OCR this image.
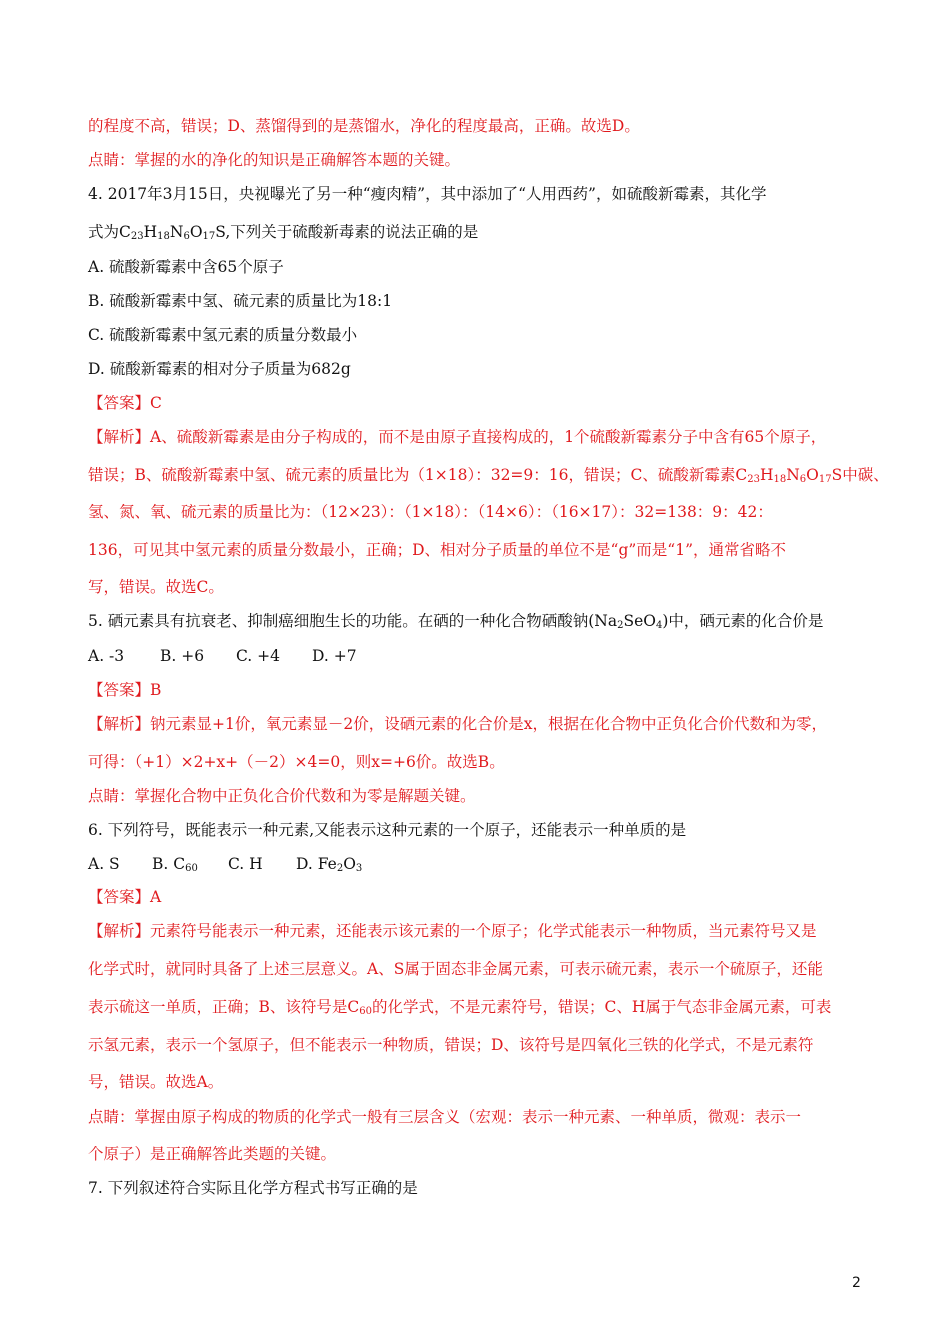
的程度不高，错误；D、蒸馏得到的是蒸馏水，净化的程度最高，正确。故选D。
点睛：掌握的水的净化的知识是正确解答本题的关键。
4. 2017年3月15日，央视曝光了另一种“瘦肉精”，其中添加了“人用西药”，如硫酸新霉素，其化学
式为$C_{23}H_{18}N_6O_{17}S$,下列关于硫酸新毒素的说法正确的是
A. 硫酸新霉素中含65个原子
B. 硫酸新霉素中氢、硫元素的质量比为18:1
C. 硫酸新霉素中氢元素的质量分数最小
D. 硫酸新霉素的相对分子质量为682g
【答案】C
【解析】A、硫酸新霉素是由分子构成的，而不是由原子直接构成的，1个硫酸新霉素分子中含有65个原子，
错误；B、硫酸新霉素中氢、硫元素的质量比为（1×18）：32=9：16，错误；C、硫酸新霉素$C_{23}H_{18}N_6O_{17}S$中碳、
氢、氮、氧、硫元素的质量比为：（12×23）：（1×18）：（14×6）：（16×17）：32=138：9：42：
136，可见其中氢元素的质量分数最小，正确；D、相对分子质量的单位不是“g”而是“1”，通常省略不
写，错误。故选C。
5. 硒元素具有抗衰老、抑制癌细胞生长的功能。在硒的一种化合物硒酸钠$(Na_2SeO_4)$中，硒元素的化合价是
A. -3 B. +6 C. +4 D. +7
【答案】B
【解析】钠元素显+1价，氧元素显－2价，设硒元素的化合价是x，根据在化合物中正负化合价代数和为零，
可得：（+1）×2+x+（－2）×4=0，则x=+6价。故选B。
点睛：掌握化合物中正负化合价代数和为零是解题关键。
6. 下列符号，既能表示一种元素,又能表示这种元素的一个原子，还能表示一种单质的是
A. S B. $C_{60}$ C. H D. $Fe_2O_3$
【答案】A
【解析】元素符号能表示一种元素，还能表示该元素的一个原子；化学式能表示一种物质，当元素符号又是
化学式时，就同时具备了上述三层意义。A、S属于固态非金属元素，可表示硫元素，表示一个硫原子，还能
表示硫这一单质，正确；B、该符号是$C_{60}$的化学式，不是元素符号，错误；C、H属于气态非金属元素，可表
示氢元素，表示一个氢原子，但不能表示一种物质，错误；D、该符号是四氧化三铁的化学式，不是元素符
号，错误。故选A。
点睛：掌握由原子构成的物质的化学式一般有三层含义（宏观：表示一种元素、一种单质，微观：表示一
个原子）是正确解答此类题的关键。
7. 下列叙述符合实际且化学方程式书写正确的是
2
